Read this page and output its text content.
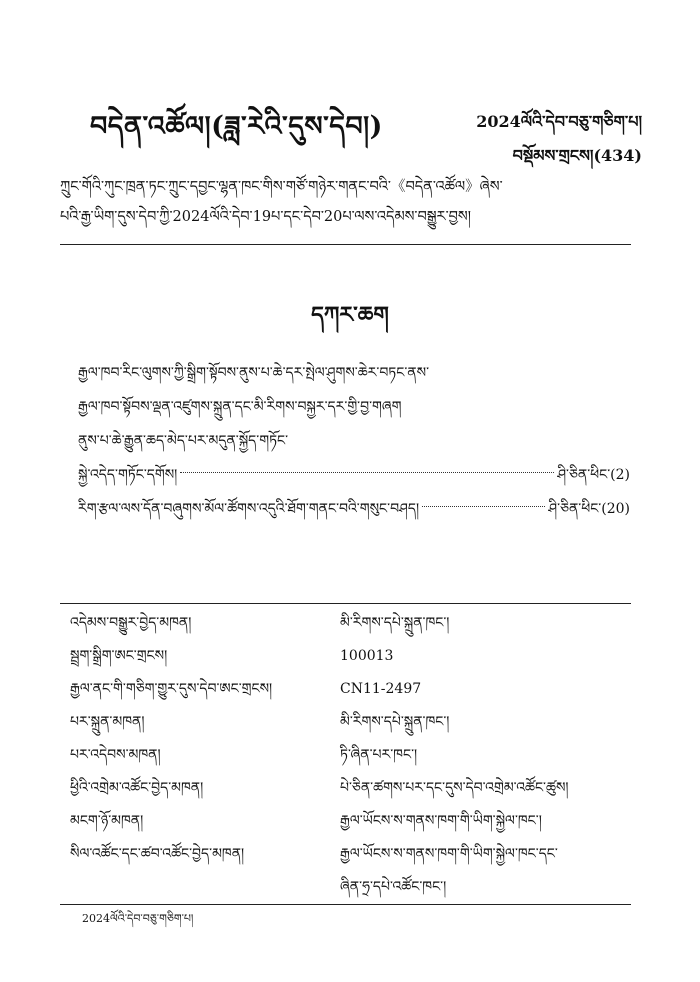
བདེན་འཚོལ།(ཟླ་རེའི་དུས་དེབ།)	2024ལོའི་དེབ་བཅུ་གཅིག་པ།
བསྡོམས་གྲངས།(434)
ཀྲུང་གོའི་ཀུང་ཁྲན་ཏང་ཀྲུང་དབྱང་ལྷན་ཁང་གིས་གཙོ་གཉེར་གནང་བའི་《བདེན་འཚོལ》ཞེས་
པའི་རྒྱ་ཡིག་དུས་དེབ་ཀྱི་2024ལོའི་དེབ་19པ་དང་དེབ་20པ་ལས་འདེམས་བསྒྱུར་བྱས།
དཀར་ཆག
རྒྱལ་ཁབ་རིང་ལུགས་ཀྱི་སྒྲིག་སྟོབས་ནུས་པ་ཆེ་དར་སྤེལ་ཤུགས་ཆེར་བཏང་ནས་
རྒྱལ་ཁབ་སྟོབས་ལྡན་འཛུགས་སྐྲུན་དང་མི་རིགས་བསྐྱར་དར་གྱི་བྱ་གཞག
ནུས་པ་ཆེ་རྒྱུན་ཆད་མེད་པར་མདུན་སྐྱོད་གཏོང་
སྐྱེ་འདེད་གཏོང་དགོས།	ཤི་ཅིན་ཕིང་ (2)
རིག་རྩལ་ལས་དོན་བཞུགས་མོལ་ཚོགས་འདུའི་ཐོག་གནང་བའི་གསུང་བཤད།	ཤི་ཅིན་ཕིང་ (20)
འདེམས་བསྒྱུར་བྱེད་མཁན།	མི་རིགས་དཔེ་སྐྲུན་ཁང་།
སྦྲག་སྒྲིག་ཨང་གྲངས།	100013
རྒྱལ་ནང་གི་གཅིག་གྱུར་དུས་དེབ་ཨང་གྲངས།	CN11-2497
པར་སྐྲུན་མཁན།	མི་རིགས་དཔེ་སྐྲུན་ཁང་།
པར་འདེབས་མཁན།	ཏི་ཞིན་པར་ཁང་།
ཕྱིའི་འགྲེམ་འཚོང་བྱེད་མཁན།	པེ་ཅིན་ཚགས་པར་དང་དུས་དེབ་འགྲེམ་འཚོང་ཚུས།
མངག་ཉོ་མཁན།	རྒྱལ་ཡོངས་ས་གནས་ཁག་གི་ཡིག་སྐྱེལ་ཁང་།
སིལ་འཚོང་དང་ཚབ་འཚོང་བྱེད་མཁན།	རྒྱལ་ཡོངས་ས་གནས་ཁག་གི་ཡིག་སྐྱེལ་ཁང་དང་
ཞིན་ཧྲ་དཔེ་འཚོང་ཁང་།
2024ལོའི་དེབ་བཅུ་གཅིག་པ།
